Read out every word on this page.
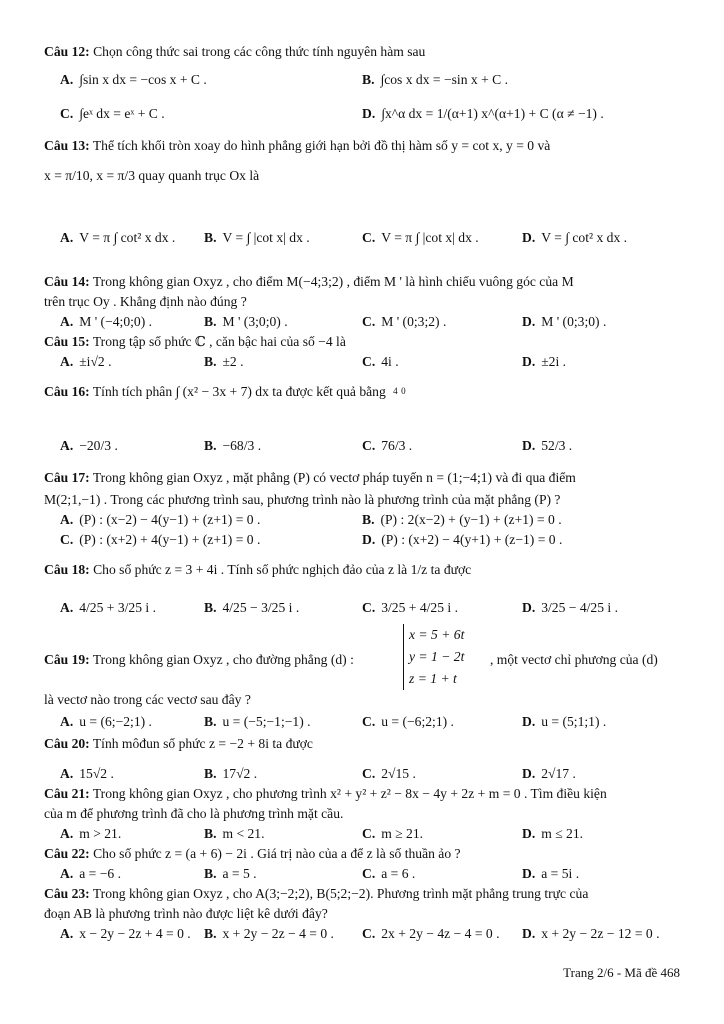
Câu 12: Chọn công thức sai trong các công thức tính nguyên hàm sau
A. ∫sin x dx = −cos x + C .	B. ∫cos x dx = −sin x + C .
C. ∫eˣ dx = eˣ + C .	D. ∫x^α dx = 1/(α+1) x^(α+1) + C (α ≠ −1) .
Câu 13: Thể tích khối tròn xoay do hình phẳng giới hạn bởi đồ thị hàm số y = cot x, y = 0 và
x = π/10, x = π/3 quay quanh trục Ox là
A. V = π ∫ cot² x dx . B. V = ∫ |cot x| dx .	C. V = π ∫ |cot x| dx .	D. V = ∫ cot² x dx .
Câu 14: Trong không gian Oxyz , cho điểm M(−4;3;2) , điểm M ' là hình chiếu vuông góc của M
trên trục Oy . Khẳng định nào đúng ?
A. M ' (−4;0;0) .	B. M ' (3;0;0) .	C. M ' (0;3;2) .	D. M ' (0;3;0) .
Câu 15: Trong tập số phức ℂ , căn bậc hai của số −4 là
A. ±i√2 .	B. ±2 .	C. 4i .	D. ±2i .
Câu 16: Tính tích phân ∫ (x² − 3x + 7) dx ta được kết quả bằng $^4$ 0
A. −20/3 .	B. −68/3 .	C. 76/3 .	D. 52/3 .
Câu 17: Trong không gian Oxyz , mặt phẳng (P) có vectơ pháp tuyến n = (1;−4;1) và đi qua điểm
M(2;1,−1) . Trong các phương trình sau, phương trình nào là phương trình của mặt phẳng (P) ?
A. (P) : (x−2) − 4(y−1) + (z+1) = 0 .	B. (P) : 2(x−2) + (y−1) + (z+1) = 0 .
C. (P) : (x+2) + 4(y−1) + (z+1) = 0 .	D. (P) : (x+2) − 4(y+1) + (z−1) = 0 .
Câu 18: Cho số phức z = 3 + 4i . Tính số phức nghịch đảo của z là 1/z ta được
A. 4/25 + 3/25 i .	B. 4/25 − 3/25 i .	C. 3/25 + 4/25 i .	D. 3/25 − 4/25 i .
Câu 19: Trong không gian Oxyz , cho đường phẳng (d) :
x = 5 + 6t
y = 1 − 2t
z = 1 + t
, một vectơ chỉ phương của (d)
là vectơ nào trong các vectơ sau đây ?
A. u = (6;−2;1) .	B. u = (−5;−1;−1) .	C. u = (−6;2;1) .	D. u = (5;1;1) .
Câu 20: Tính môđun số phức z = −2 + 8i ta được
A. 15√2 .	B. 17√2 .	C. 2√15 .	D. 2√17 .
Câu 21: Trong không gian Oxyz , cho phương trình x² + y² + z² − 8x − 4y + 2z + m = 0 . Tìm điều kiện
của m để phương trình đã cho là phương trình mặt cầu.
A. m > 21.	B. m < 21.	C. m ≥ 21.	D. m ≤ 21.
Câu 22: Cho số phức z = (a + 6) − 2i . Giá trị nào của a để z là số thuần ảo ?
A. a = −6 .	B. a = 5 .	C. a = 6 .	D. a = 5i .
Câu 23: Trong không gian Oxyz , cho A(3;−2;2), B(5;2;−2). Phương trình mặt phẳng trung trực của
đoạn AB là phương trình nào được liệt kê dưới đây?
A. x − 2y − 2z + 4 = 0 . B. x + 2y − 2z − 4 = 0 . C. 2x + 2y − 4z − 4 = 0 . D. x + 2y − 2z − 12 = 0 .
Trang 2/6 - Mã đề 468
